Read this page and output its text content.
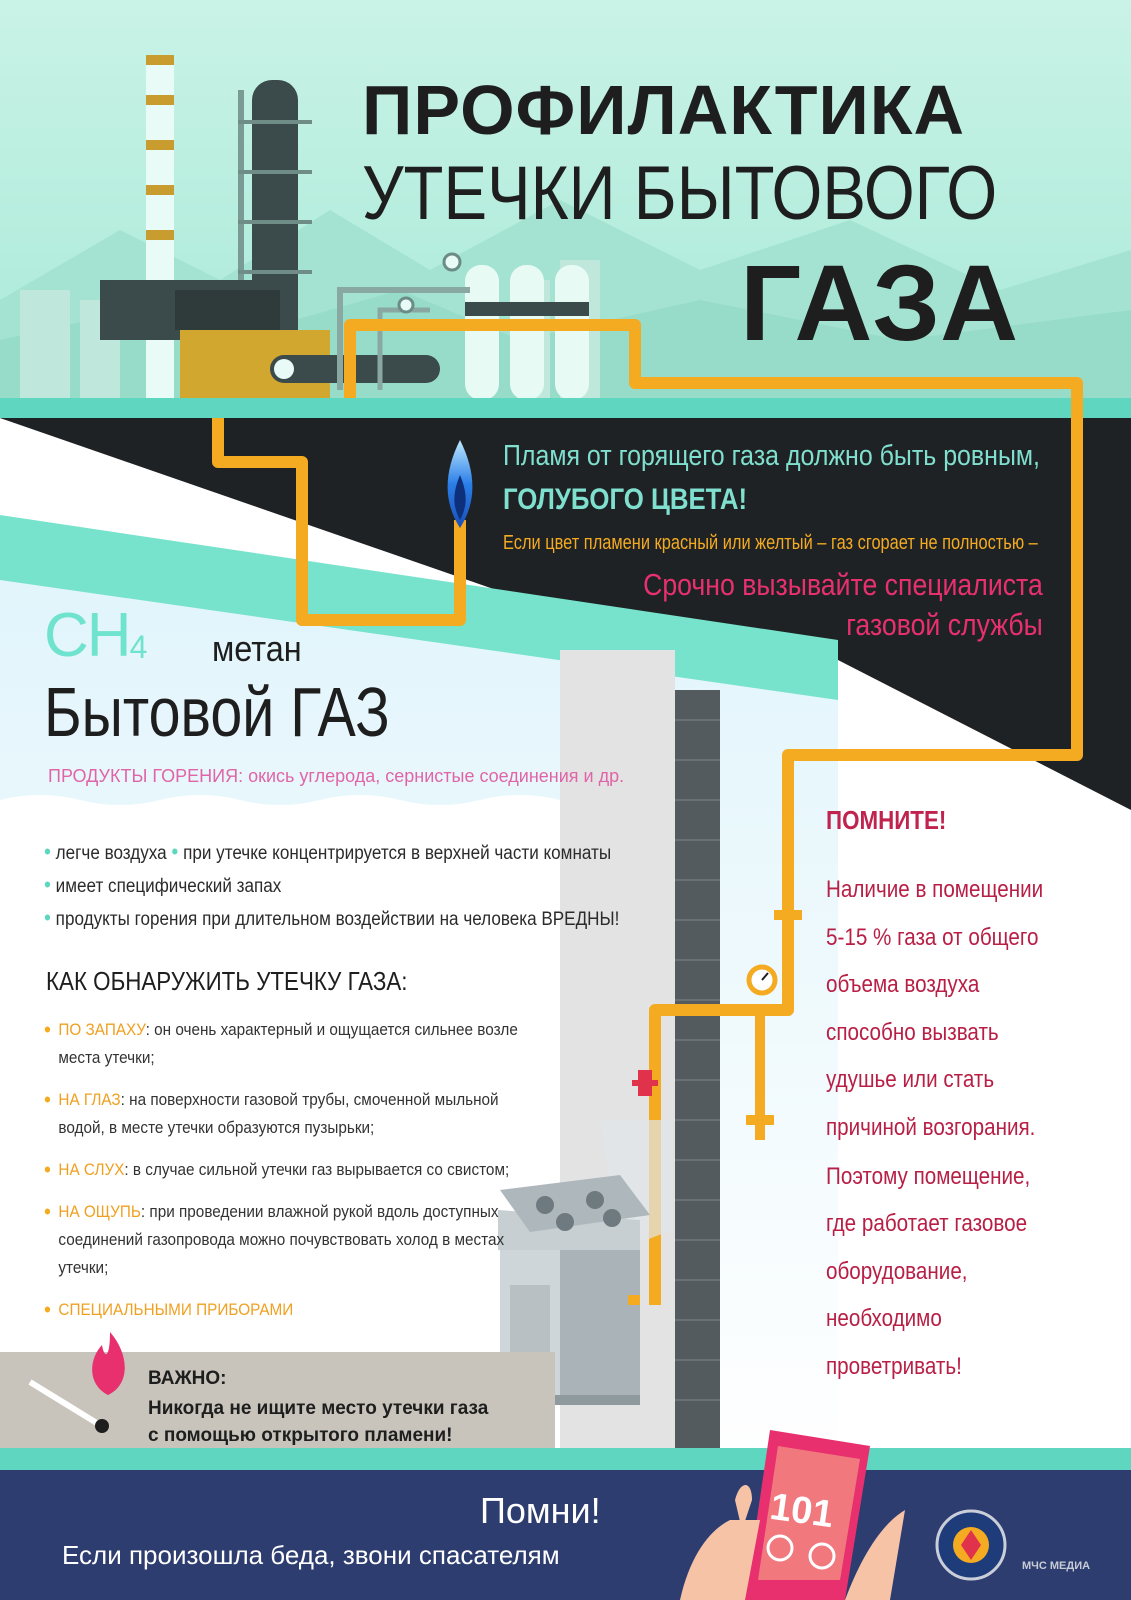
ПРОФИЛАКТИКА
УТЕЧКИ БЫТОВОГО
ГАЗА
Пламя от горящего газа должно быть ровным,
ГОЛУБОГО ЦВЕТА!
Если цвет пламени красный или желтый – газ сгорает не полностью –
Срочно вызывайте специалиста
газовой службы
$CH_4$ метан
Бытовой ГАЗ
ПРОДУКТЫ ГОРЕНИЯ: окись углерода, сернистые соединения и др.
• легче воздуха • при утечке концентрируется в верхней части комнаты
• имеет специфический запах
• продукты горения при длительном воздействии на человека ВРЕДНЫ!
КАК ОБНАРУЖИТЬ УТЕЧКУ ГАЗА:
• ПО ЗАПАХУ: он очень характерный и ощущается сильнее возле места утечки;
• НА ГЛАЗ: на поверхности газовой трубы, смоченной мыльной водой, в месте утечки образуются пузырьки;
• НА СЛУХ: в случае сильной утечки газ вырывается со свистом;
• НА ОЩУПЬ: при проведении влажной рукой вдоль доступных соединений газопровода можно почувствовать холод в местах утечки;
• СПЕЦИАЛЬНЫМИ ПРИБОРАМИ
ПОМНИТЕ!
Наличие в помещении
5-15 % газа от общего
объема воздуха
способно вызвать
удушье или стать
причиной возгорания.
Поэтому помещение,
где работает газовое
оборудование,
необходимо
проветривать!
ВАЖНО:
Никогда не ищите место утечки газа
с помощью открытого пламени!
Помни!
Если произошла беда, звони спасателям
101
МЧС МЕДИА
